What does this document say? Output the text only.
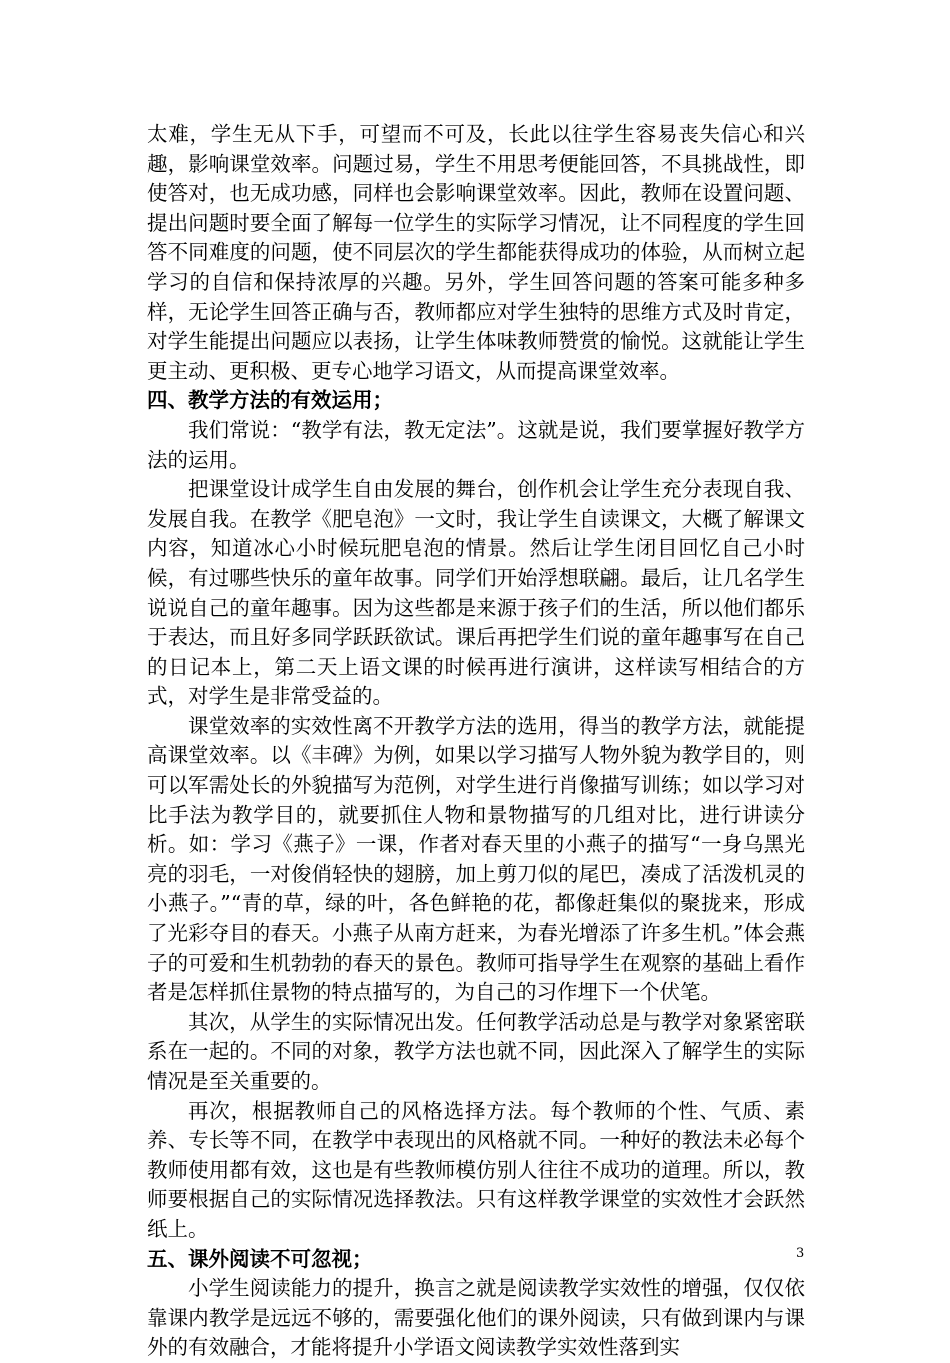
太难，学生无从下手，可望而不可及，长此以往学生容易丧失信心和兴趣，影响课堂效率。问题过易，学生不用思考便能回答，不具挑战性，即使答对，也无成功感，同样也会影响课堂效率。因此，教师在设置问题、提出问题时要全面了解每一位学生的实际学习情况，让不同程度的学生回答不同难度的问题，使不同层次的学生都能获得成功的体验，从而树立起学习的自信和保持浓厚的兴趣。另外，学生回答问题的答案可能多种多样，无论学生回答正确与否，教师都应对学生独特的思维方式及时肯定，对学生能提出问题应以表扬，让学生体味教师赞赏的愉悦。这就能让学生更主动、更积极、更专心地学习语文，从而提高课堂效率。

四、教学方法的有效运用；

我们常说：“教学有法，教无定法”。这就是说，我们要掌握好教学方法的运用。

把课堂设计成学生自由发展的舞台，创作机会让学生充分表现自我、发展自我。在教学《肥皂泡》一文时，我让学生自读课文，大概了解课文内容，知道冰心小时候玩肥皂泡的情景。然后让学生闭目回忆自己小时候，有过哪些快乐的童年故事。同学们开始浮想联翩。最后，让几名学生说说自己的童年趣事。因为这些都是来源于孩子们的生活，所以他们都乐于表达，而且好多同学跃跃欲试。课后再把学生们说的童年趣事写在自己的日记本上，第二天上语文课的时候再进行演讲，这样读写相结合的方式，对学生是非常受益的。

课堂效率的实效性离不开教学方法的选用，得当的教学方法，就能提高课堂效率。以《丰碑》为例，如果以学习描写人物外貌为教学目的，则可以军需处长的外貌描写为范例，对学生进行肖像描写训练；如以学习对比手法为教学目的，就要抓住人物和景物描写的几组对比，进行讲读分析。如：学习《燕子》一课，作者对春天里的小燕子的描写“一身乌黑光亮的羽毛，一对俊俏轻快的翅膀，加上剪刀似的尾巴，凑成了活泼机灵的小燕子。”“青的草，绿的叶，各色鲜艳的花，都像赶集似的聚拢来，形成了光彩夺目的春天。小燕子从南方赶来，为春光增添了许多生机。”体会燕子的可爱和生机勃勃的春天的景色。教师可指导学生在观察的基础上看作者是怎样抓住景物的特点描写的，为自己的习作埋下一个伏笔。

其次，从学生的实际情况出发。任何教学活动总是与教学对象紧密联系在一起的。不同的对象，教学方法也就不同，因此深入了解学生的实际情况是至关重要的。

再次，根据教师自己的风格选择方法。每个教师的个性、气质、素养、专长等不同，在教学中表现出的风格就不同。一种好的教法未必每个教师使用都有效，这也是有些教师模仿别人往往不成功的道理。所以，教师要根据自己的实际情况选择教法。只有这样教学课堂的实效性才会跃然纸上。

五、课外阅读不可忽视；

小学生阅读能力的提升，换言之就是阅读教学实效性的增强，仅仅依靠课内教学是远远不够的，需要强化他们的课外阅读，只有做到课内与课外的有效融合，才能将提升小学语文阅读教学实效性落到实

3
